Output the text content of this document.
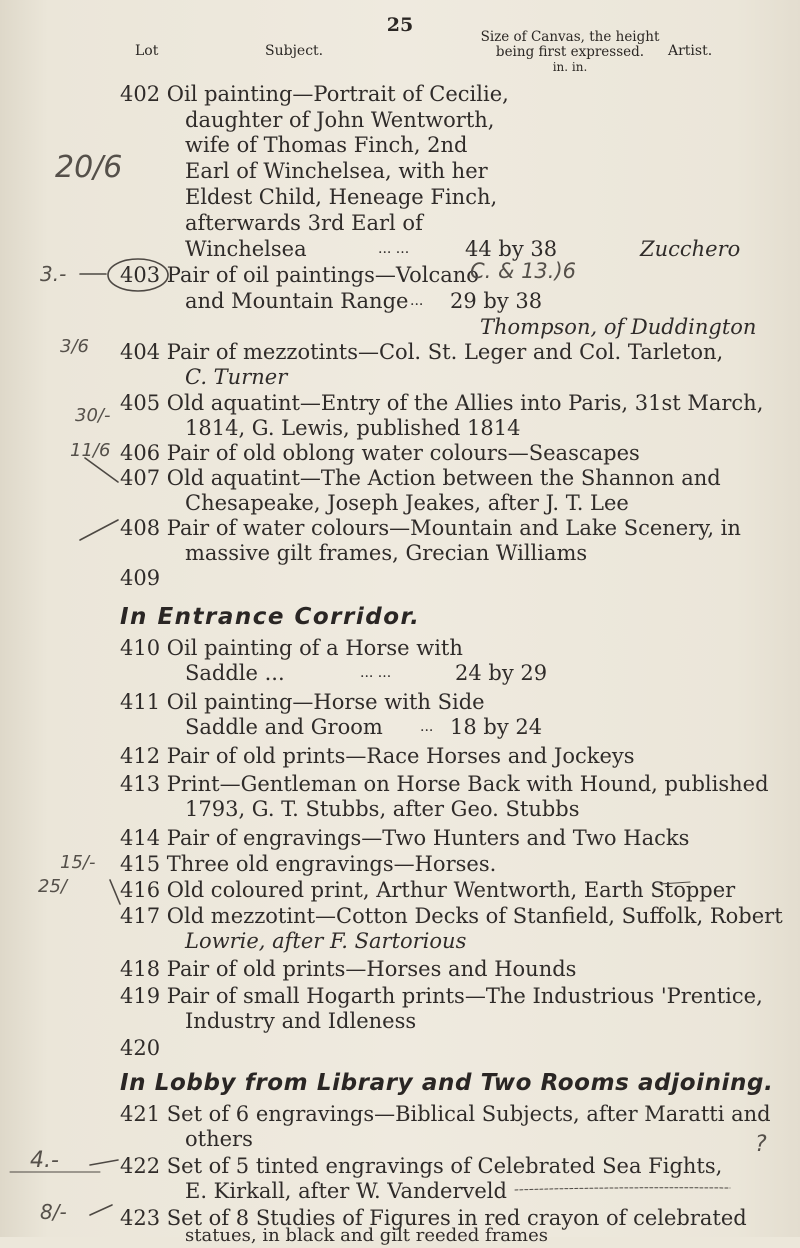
25
Lot	Subject.
Size of Canvas, the height
being first expressed.
in. in.
Artist.
402 Oil painting—Portrait of Cecilie,
daughter of John Wentworth,
wife of Thomas Finch, 2nd
Earl of Winchelsea, with her
Eldest Child, Heneage Finch,
afterwards 3rd Earl of
Winchelsea	... ...	44 by 38	Zucchero
403 Pair of oil paintings—Volcano
and Mountain Range ... 29 by 38
Thompson, of Duddington
404 Pair of mezzotints—Col. St. Leger and Col. Tarleton,
C. Turner
405 Old aquatint—Entry of the Allies into Paris, 31st March,
1814, G. Lewis, published 1814
406 Pair of old oblong water colours—Seascapes
407 Old aquatint—The Action between the Shannon and
Chesapeake, Joseph Jeakes, after J. T. Lee
408 Pair of water colours—Mountain and Lake Scenery, in
massive gilt frames, Grecian Williams
409
In Entrance Corridor.
410 Oil painting of a Horse with
Saddle ...	... ...	24 by 29
411 Oil painting—Horse with Side
Saddle and Groom	... 18 by 24
412 Pair of old prints—Race Horses and Jockeys
413 Print—Gentleman on Horse Back with Hound, published
1793, G. T. Stubbs, after Geo. Stubbs
414 Pair of engravings—Two Hunters and Two Hacks
415 Three old engravings—Horses.
416 Old coloured print, Arthur Wentworth, Earth Stopper
417 Old mezzotint—Cotton Decks of Stanfield, Suffolk, Robert
Lowrie, after F. Sartorious
418 Pair of old prints—Horses and Hounds
419 Pair of small Hogarth prints—The Industrious 'Prentice,
Industry and Idleness
420
In Lobby from Library and Two Rooms adjoining.
421 Set of 6 engravings—Biblical Subjects, after Maratti and
others
422 Set of 5 tinted engravings of Celebrated Sea Fights,
E. Kirkall, after W. Vanderveld
423 Set of 8 Studies of Figures in red crayon of celebrated
statues, in black and gilt reeded frames
20/6
3.-	C. & 13.)6
3/6
30/-
11/6
15/-
25/
4.-
8/-
?
